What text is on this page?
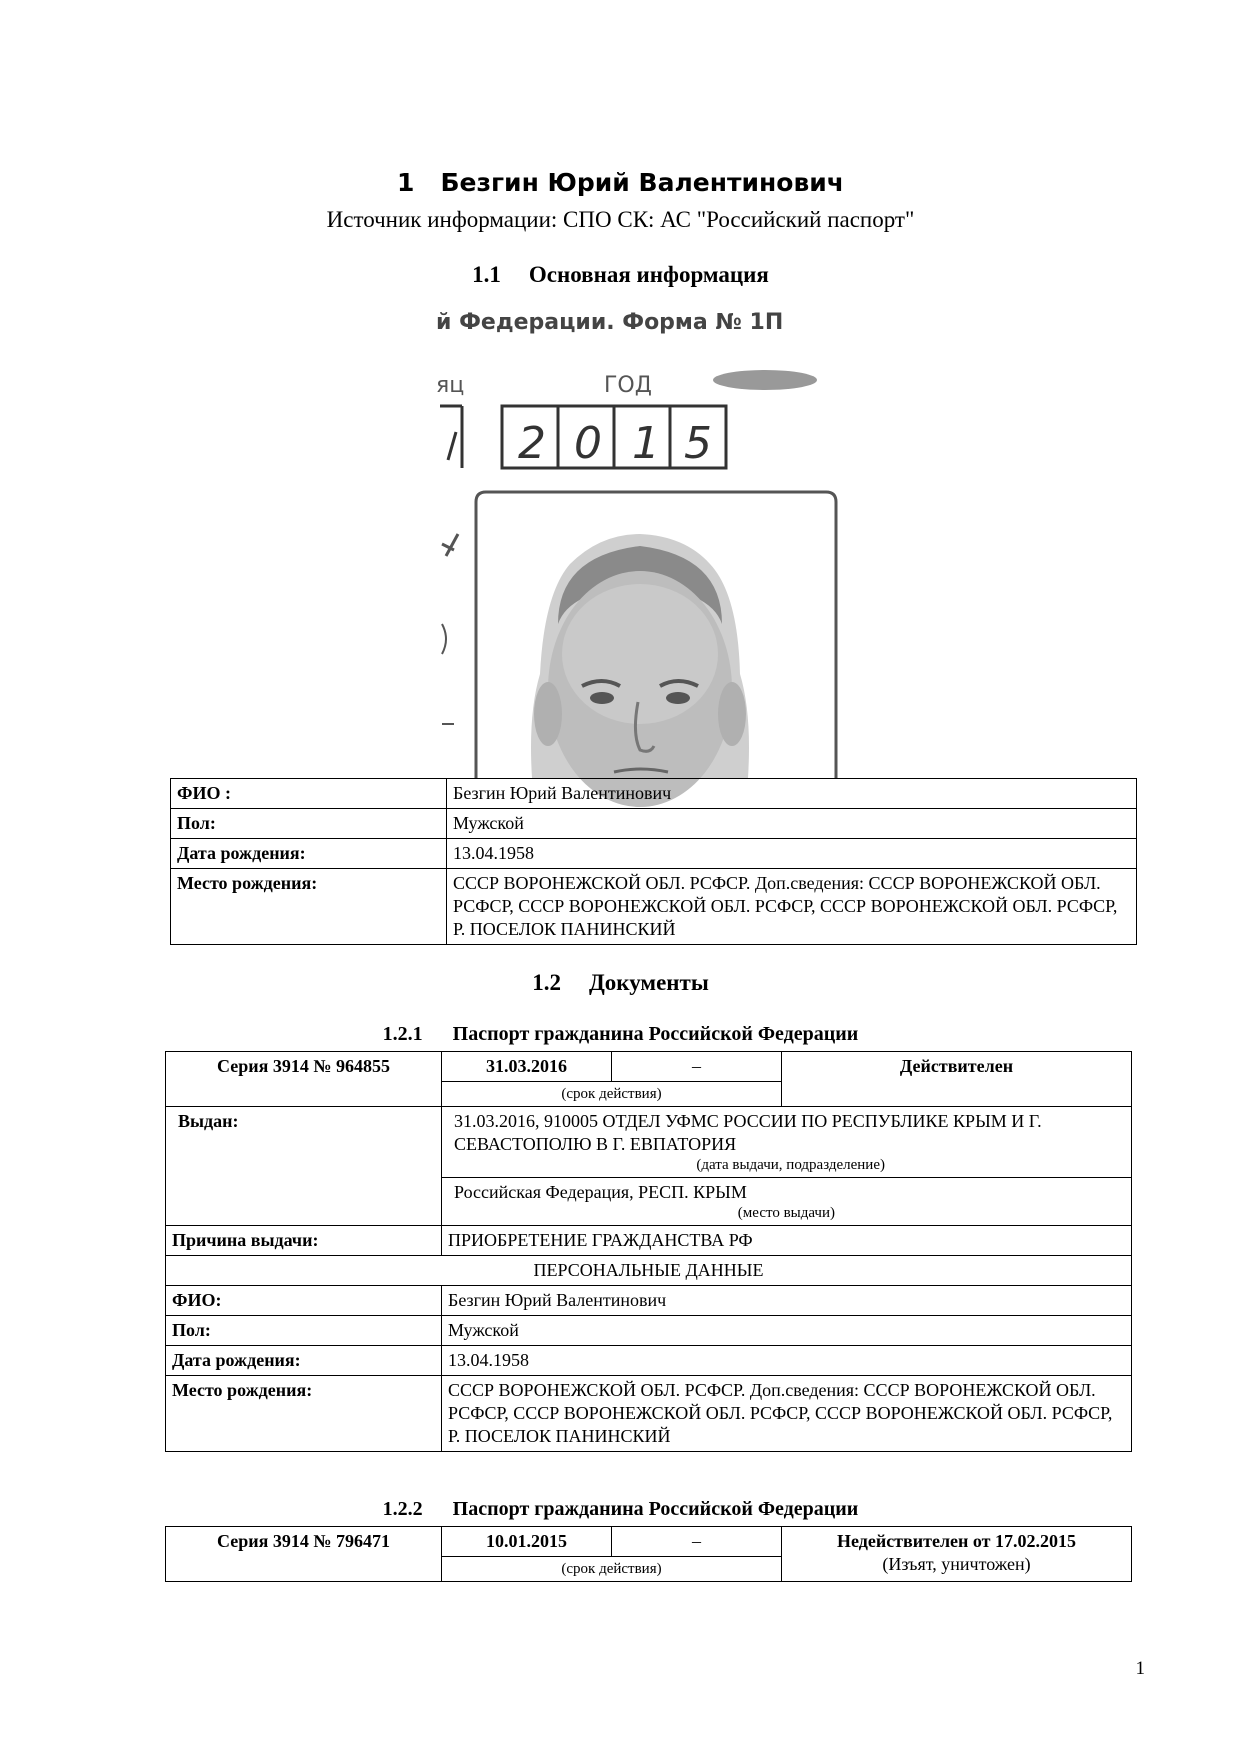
1 Безгин Юрий Валентинович
Источник информации: СПО СК: АС "Российский паспорт"
1.1 Основная информация
й Федерации. Форма № 1П
яц	ГОД
2 0 1 5
ФИО :	Безгин Юрий Валентинович
Пол:	Мужской
Дата рождения:	13.04.1958
Место рождения:	СССР ВОРОНЕЖСКОЙ ОБЛ. РСФСР. Доп.сведения: СССР ВОРОНЕЖСКОЙ ОБЛ. РСФСР, СССР ВОРОНЕЖСКОЙ ОБЛ. РСФСР, СССР ВОРОНЕЖСКОЙ ОБЛ. РСФСР, Р. ПОСЕЛОК ПАНИНСКИЙ
1.2 Документы
1.2.1 Паспорт гражданина Российской Федерации
Серия 3914 № 964855	31.03.2016	–	Действителен
	(срок действия)		
Выдан:	31.03.2016, 910005 ОТДЕЛ УФМС РОССИИ ПО РЕСПУБЛИКЕ КРЫМ И Г. СЕВАСТОПОЛЮ В Г. ЕВПАТОРИЯ
(дата выдачи, подразделение)		

	Российская Федерация, РЕСП. КРЫМ
(место выдачи)		

Причина выдачи:	ПРИОБРЕТЕНИЕ ГРАЖДАНСТВА РФ		
ПЕРСОНАЛЬНЫЕ ДАННЫЕ			
ФИО:	Безгин Юрий Валентинович		
Пол:	Мужской		
Дата рождения:	13.04.1958		
Место рождения:	СССР ВОРОНЕЖСКОЙ ОБЛ. РСФСР. Доп.сведения: СССР ВОРОНЕЖСКОЙ ОБЛ. РСФСР, СССР ВОРОНЕЖСКОЙ ОБЛ. РСФСР, СССР ВОРОНЕЖСКОЙ ОБЛ. РСФСР, Р. ПОСЕЛОК ПАНИНСКИЙ		
1.2.2 Паспорт гражданина Российской Федерации
Серия 3914 № 796471	10.01.2015	–	Недействителен от 17.02.2015
(Изъят, уничтожен)

(срок действия)
1
